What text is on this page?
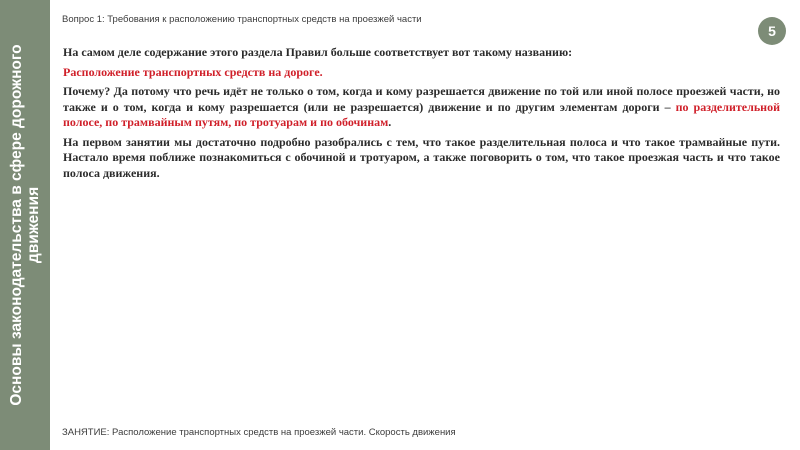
Основы законодательства в сфере дорожного движения
Вопрос 1: Требования к расположению транспортных средств на проезжей части
5

На самом деле содержание этого раздела Правил больше соответствует вот такому названию:

Расположение транспортных средств на дороге.

Почему? Да потому что речь идёт не только о том, когда и кому разрешается движение по той или иной полосе проезжей части, но также и о том, когда и кому разрешается (или не разрешается) движение и по другим элементам дороги – по разделительной полосе, по трамвайным путям, по тротуарам и по обочинам.

На первом занятии мы достаточно подробно разобрались с тем, что такое разделительная полоса и что такое трамвайные пути. Настало время поближе познакомиться с обочиной и тротуаром, а также поговорить о том, что такое проезжая часть и что такое полоса движения.

ЗАНЯТИЕ: Расположение транспортных средств на проезжей части. Скорость движения
